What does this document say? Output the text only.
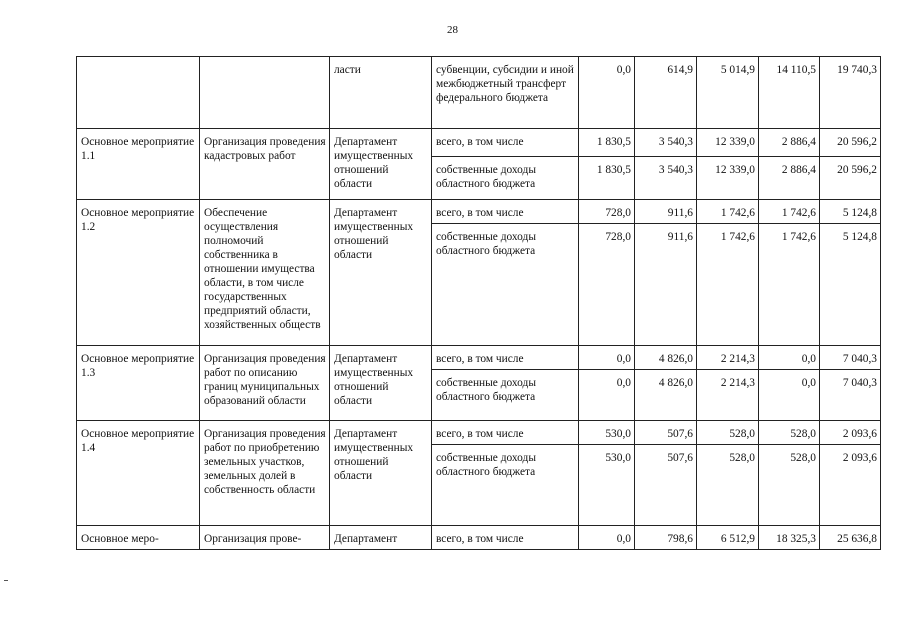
28
		ласти	субвенции, субсидии и иной межбюджетный трансферт федерального бюджета	0,0	614,9	5 014,9	14 110,5	19 740,3
Основное мероприятие 1.1	Организация проведения кадастровых работ	Департамент имущественных отношений области	всего, в том числе	1 830,5	3 540,3	12 339,0	2 886,4	20 596,2
			собственные доходы областного бюджета	1 830,5	3 540,3	12 339,0	2 886,4	20 596,2
Основное мероприятие 1.2	Обеспечение осуществления полномочий собственника в отношении имущества области, в том числе государственных предприятий области, хозяйственных обществ	Департамент имущественных отношений области	всего, в том числе	728,0	911,6	1 742,6	1 742,6	5 124,8
			собственные доходы областного бюджета	728,0	911,6	1 742,6	1 742,6	5 124,8
Основное мероприятие 1.3	Организация проведения работ по описанию границ муниципальных образований области	Департамент имущественных отношений области	всего, в том числе	0,0	4 826,0	2 214,3	0,0	7 040,3
			собственные доходы областного бюджета	0,0	4 826,0	2 214,3	0,0	7 040,3
Основное мероприятие 1.4	Организация проведения работ по приобретению земельных участков, земельных долей в собственность области	Департамент имущественных отношений области	всего, в том числе	530,0	507,6	528,0	528,0	2 093,6
			собственные доходы областного бюджета	530,0	507,6	528,0	528,0	2 093,6
Основное меро-	Организация прове-	Департамент	всего, в том числе	0,0	798,6	6 512,9	18 325,3	25 636,8
